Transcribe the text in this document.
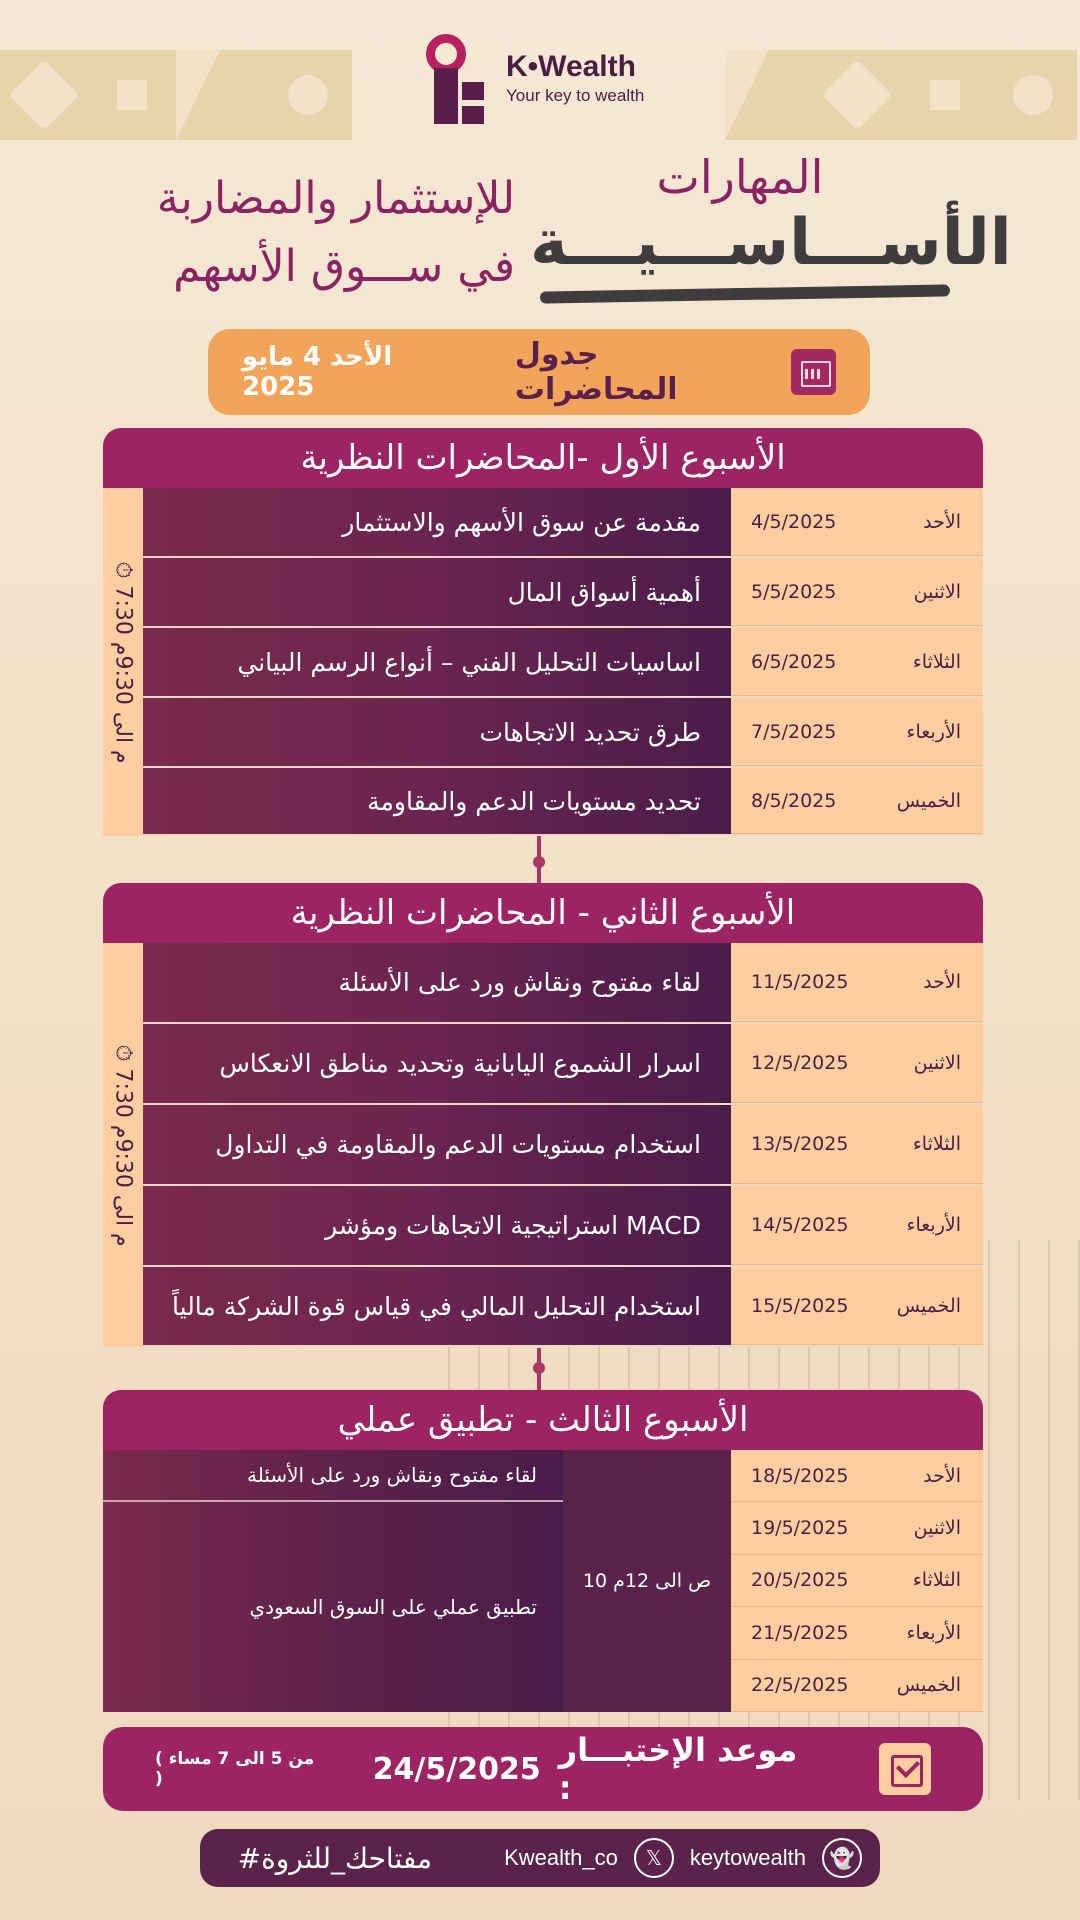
K•Wealth
Your key to wealth
المهارات
الأســـاســـيـــة
للإستثمار والمضاربة
في ســـوق الأسهم
جدول المحاضرات
الأحد 4 مايو 2025
الأسبوع الأول -المحاضرات النظرية
⏱ 7:30 م الى 9:30م
الأحد
4/5/2025
مقدمة عن سوق الأسهم والاستثمار
الاثنين
5/5/2025
أهمية أسواق المال
الثلاثاء
6/5/2025
اساسيات التحليل الفني – أنواع الرسم البياني
الأربعاء
7/5/2025
طرق تحديد الاتجاهات
الخميس
8/5/2025
تحديد مستويات الدعم والمقاومة
الأسبوع الثاني - المحاضرات النظرية
⏱ 7:30 م الى 9:30م
الأحد
11/5/2025
لقاء مفتوح ونقاش ورد على الأسئلة
الاثنين
12/5/2025
اسرار الشموع اليابانية وتحديد مناطق الانعكاس
الثلاثاء
13/5/2025
استخدام مستويات الدعم والمقاومة في التداول
الأربعاء
14/5/2025
استراتيجية الاتجاهات ومؤشر MACD
الخميس
15/5/2025
استخدام التحليل المالي في قياس قوة الشركة مالياً
الأسبوع الثالث - تطبيق عملي
الأحد
18/5/2025
الاثنين
19/5/2025
الثلاثاء
20/5/2025
الأربعاء
21/5/2025
الخميس
22/5/2025
10 ص الى 12م
لقاء مفتوح ونقاش ورد على الأسئلة
تطبيق عملي على السوق السعودي
موعد الإختبـــار :
24/5/2025
( من 5 الى 7 مساء )
👻
keytowealth
𝕏
Kwealth_co
#مفتاحك_للثروة
